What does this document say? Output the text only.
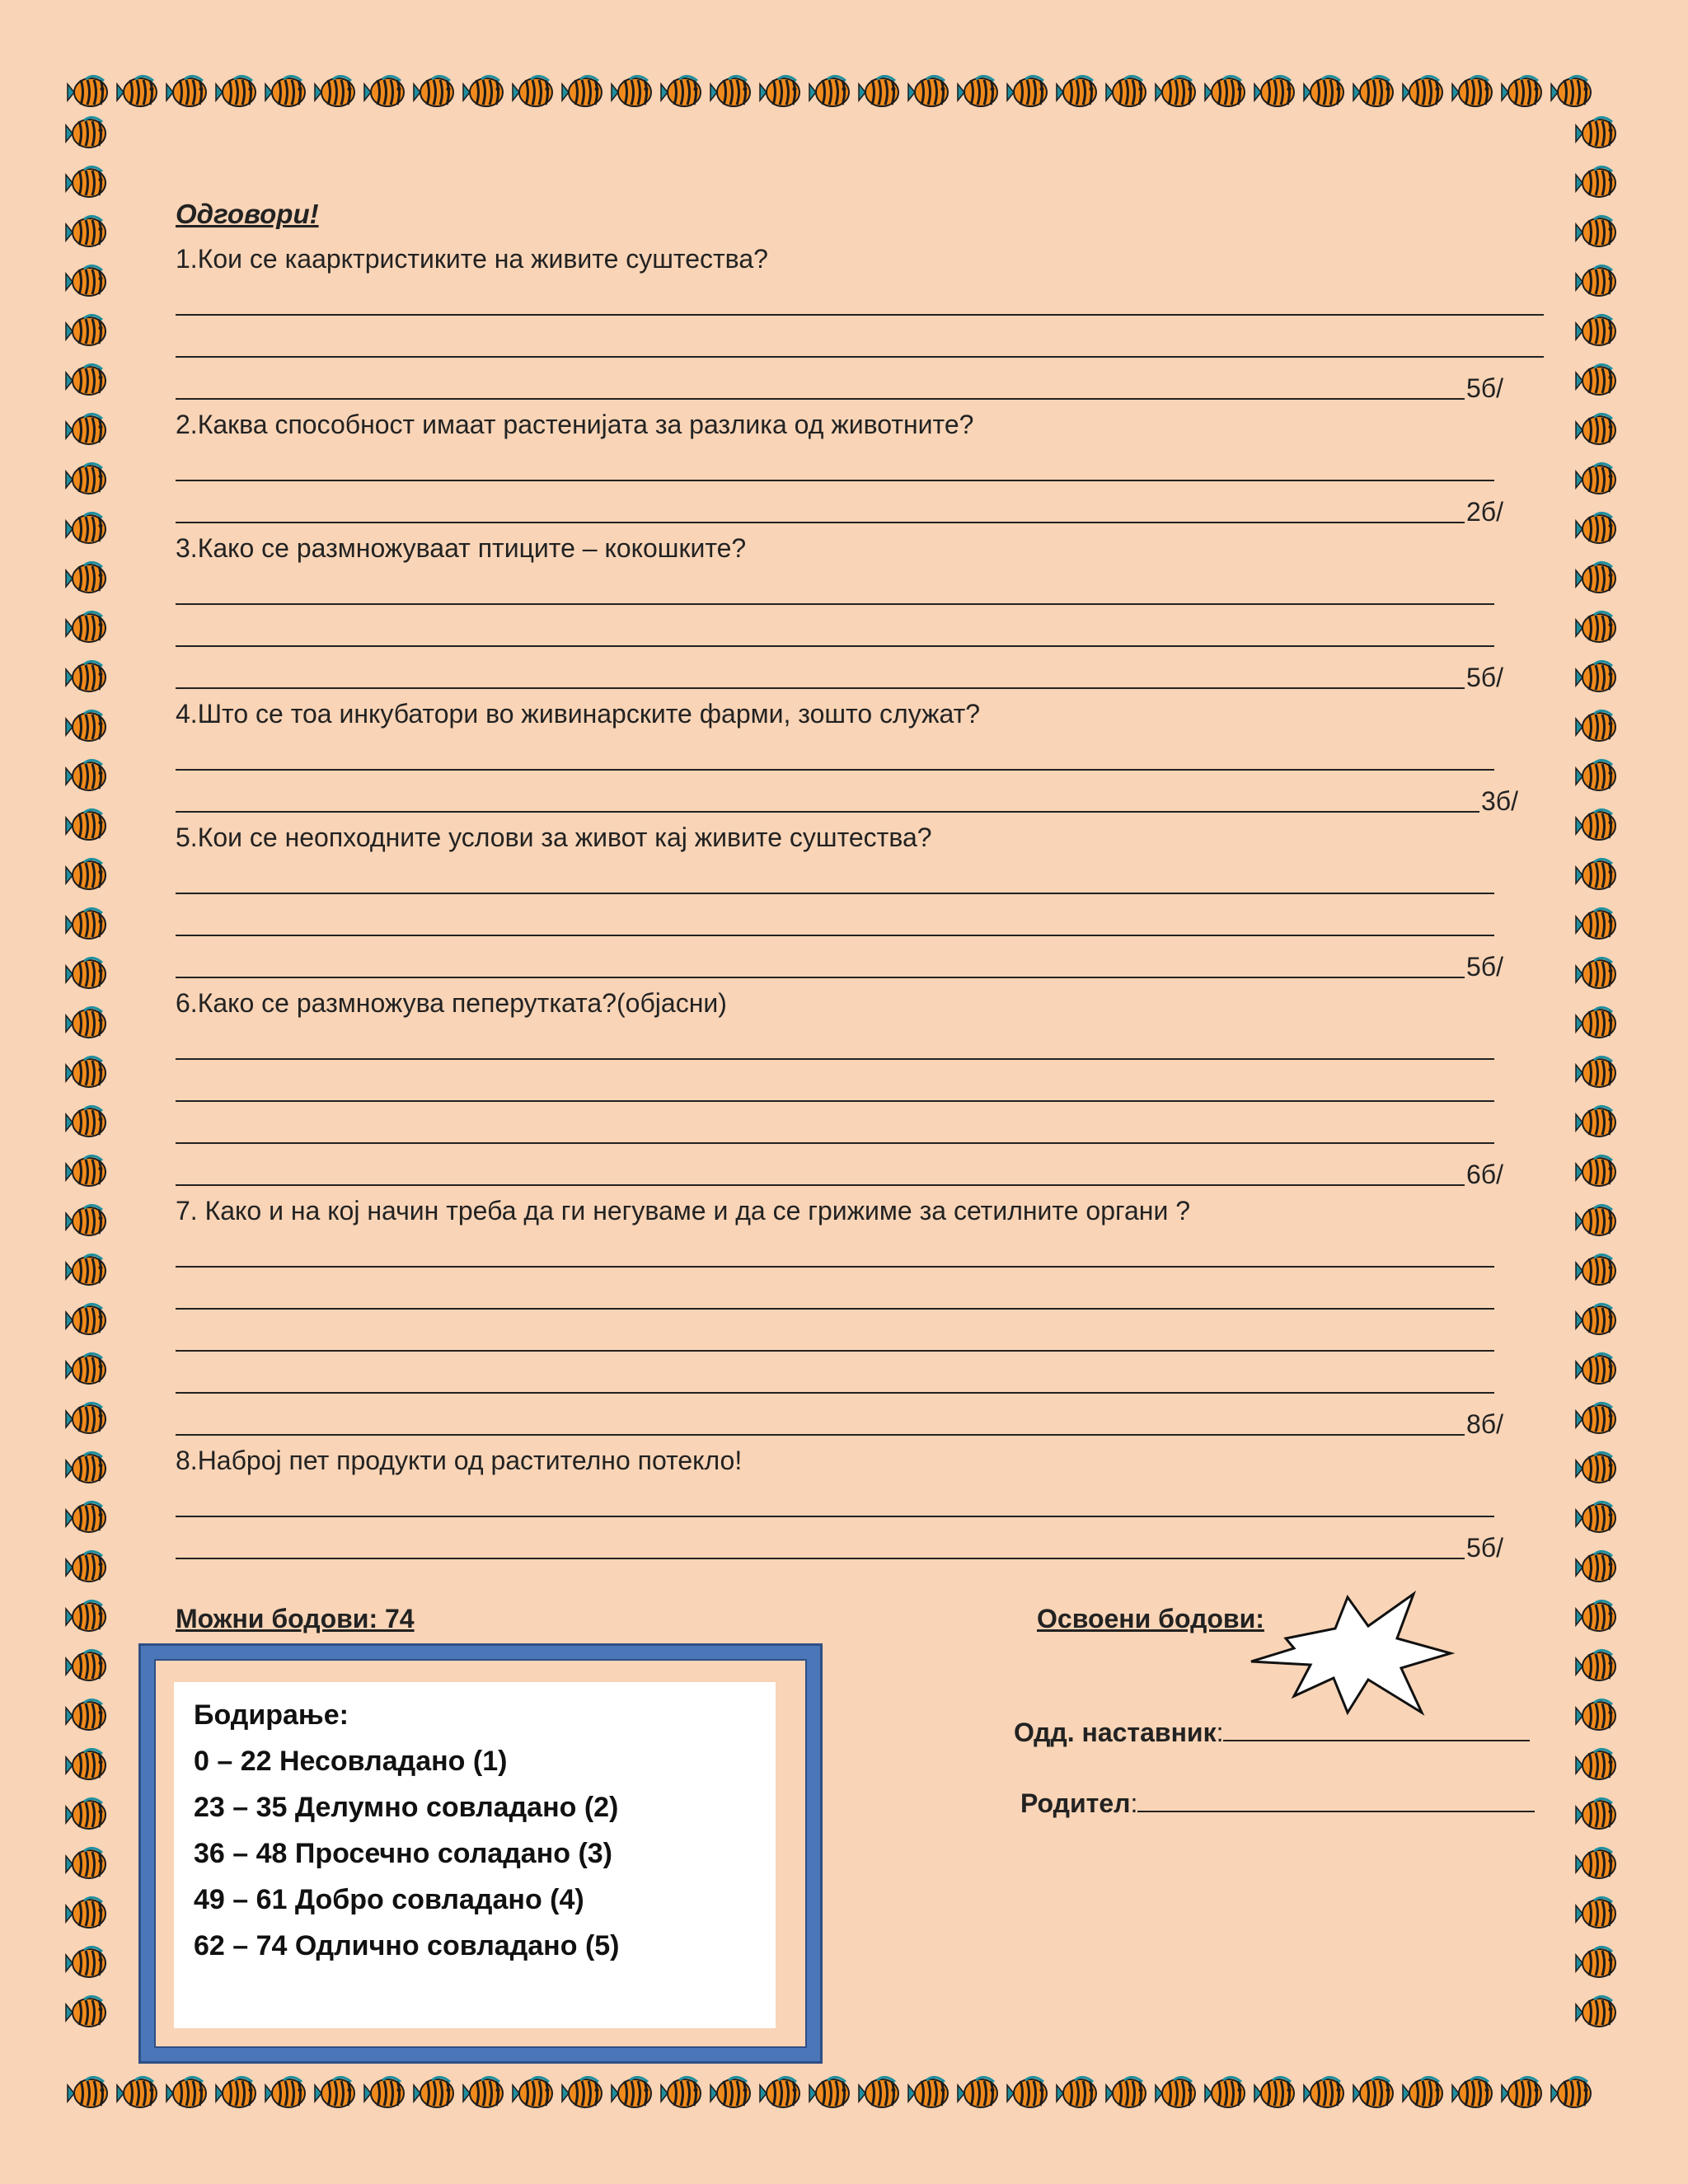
Одговори!
1.Кои се каарктристиките на живите суштества?
5б/
2.Каква способност имаат растенијата за разлика од животните?
2б/
3.Како се размножуваат птиците – кокошките?
5б/
4.Што се тоа инкубатори во живинарските фарми, зошто служат?
3б/
5.Кои се неопходните услови за живот кај живите суштества?
5б/
6.Како се размножува пеперутката?(објасни)
6б/
7. Како и на кој начин треба да ги негуваме и да се грижиме за сетилните органи ?
8б/
8.Наброј пет продукти од растително потекло!
5б/
Можни бодови: 74	Освоени бодови:
Бодирање:
0 – 22 Несовладано (1)
23 – 35 Делумно совладано (2)
36 – 48 Просечно соладано (3)
49 – 61 Добро совладано (4)
62 – 74 Одлично совладано (5)
Одд. наставник:
Родител:
